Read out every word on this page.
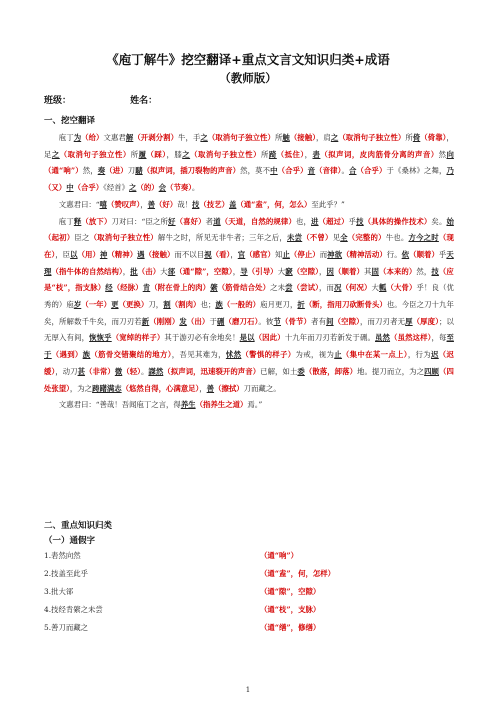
《庖丁解牛》挖空翻译+重点文言文知识归类+成语
（教师版）
班级：	姓名：
一、挖空翻译

庖丁为（给）文惠君解（开剥分割）牛，手之（取消句子独立性）所触（接触），肩之（取消句子独立性）所倚（倚靠），足之（取消句子独立性）所履（踩），膝之（取消句子独立性）所踦（抵住），砉（拟声词，皮肉筋骨分离的声音）然向（通“响”）然，奏（进）刀騞（拟声词，插刀裂物的声音）然，莫不中（合乎）音（音律）。合（合乎）于《桑林》之舞，乃（又）中（合乎）《经首》之（的）会（节奏）。

文惠君曰：“嘻（赞叹声），善（好）哉！技（技艺）盖（通“盍”，何，怎么）至此乎？”

庖丁释（放下）刀对曰：“臣之所好（喜好）者道（天道，自然的规律）也，进（超过）乎技（具体的操作技术）矣。始（起初）臣之（取消句子独立性）解牛之时，所见无非牛者；三年之后，未尝（不曾）见全（完整的）牛也。方今之时（现在），臣以（用）神（精神）遇（接触）而不以目视（看），官（感官）知止（停止）而神欲（精神活动）行。依（顺着）乎天理（指牛体的自然结构），批（击）大郤（通“隙”，空隙），导（引导）大窾（空隙），因（顺着）其固（本来的）然，技（应是“枝”，指支脉）经（经脉）肯（附在骨上的肉）綮（筋骨结合处）之未尝（尝试），而况（何况）大軱（大骨）乎！良（优秀的）庖岁（一年）更（更换）刀，割（割肉）也；族（一般的）庖月更刀，折（断，指用刀砍断骨头）也。今臣之刀十九年矣，所解数千牛矣，而刀刃若新（刚刚）发（出）于硎（磨刀石）。彼节（骨节）者有间（空隙），而刀刃者无厚（厚度）；以无厚入有间，恢恢乎（宽绰的样子）其于游刃必有余地矣！是以（因此）十九年而刀刃若新发于硎。虽然（虽然这样），每至于（遇到）族（筋骨交错聚结的地方），吾见其难为，怵然（警惧的样子）为戒，视为止（集中在某一点上），行为迟（迟缓），动刀甚（非常）微（轻）。謋然（拟声词，迅速裂开的声音）已解，如土委（散落，卸落）地。提刀而立，为之四顾（四处张望），为之踌躇满志（悠然自得，心满意足），善（擦拭）刀而藏之。

文惠君曰：“善哉！吾闻庖丁之言，得养生（指养生之道）焉。”

二、重点知识归类
（一）通假字
1.砉然向然	（通“响”）
2.技盖至此乎	（通“盍”，何，怎样）
3.批大郤	（通“隙”，空隙）
4.技经肯綮之未尝	（通“枝”，支脉）
5.善刀而藏之	（通“缮”，修缮）
1
